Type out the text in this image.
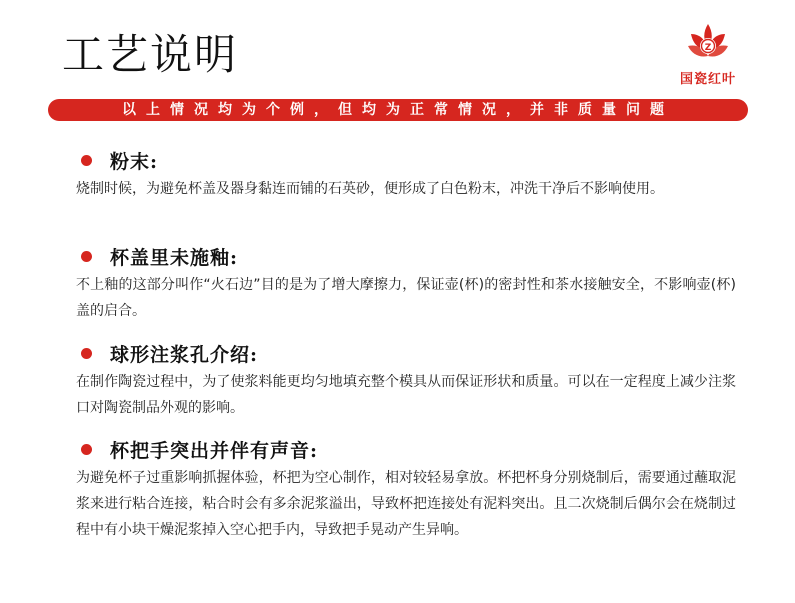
工艺说明	Z
国瓷红叶
以上情况均为个例，但均为正常情况，并非质量问题
粉末:
烧制时候，为避免杯盖及器身黏连而铺的石英砂，便形成了白色粉末，冲洗干净后不影响使用。
杯盖里未施釉:
不上釉的这部分叫作“火石边”目的是为了增大摩擦力，保证壶(杯)的密封性和茶水接触安全，不影响壶(杯)盖的启合。
球形注浆孔介绍:
在制作陶瓷过程中，为了使浆料能更均匀地填充整个模具从而保证形状和质量。可以在一定程度上减少注浆口对陶瓷制品外观的影响。
杯把手突出并伴有声音:
为避免杯子过重影响抓握体验，杯把为空心制作，相对较轻易拿放。杯把杯身分别烧制后，需要通过蘸取泥浆来进行粘合连接，粘合时会有多余泥浆溢出，导致杯把连接处有泥料突出。且二次烧制后偶尔会在烧制过程中有小块干燥泥浆掉入空心把手内，导致把手晃动产生异响。
